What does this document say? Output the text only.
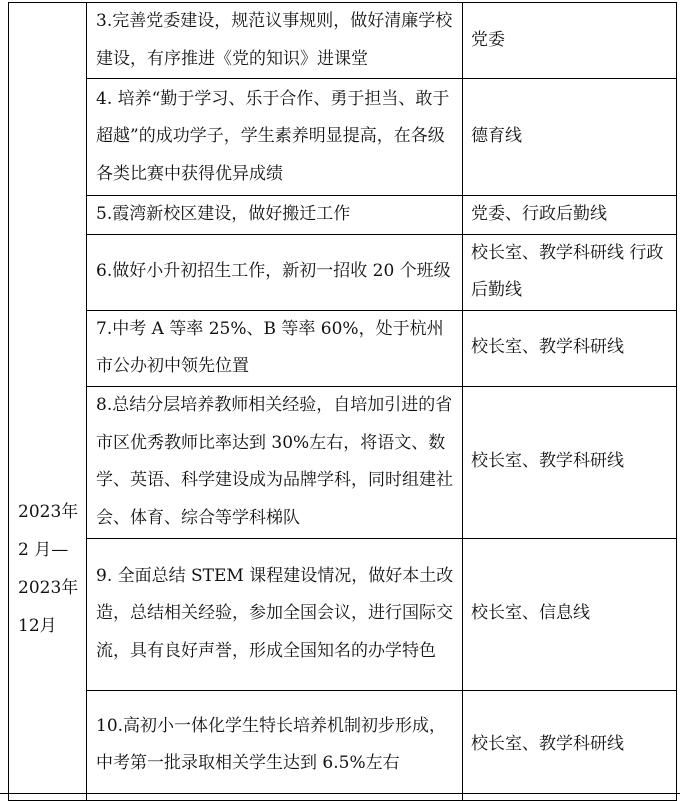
2023年
2 月—
2023年
12月	3.完善党委建设，规范议事规则，做好清廉学校建设，有序推进《党的知识》进课堂	党委

	4. 培养“勤于学习、乐于合作、勇于担当、敢于超越”的成功学子，学生素养明显提高，在各级各类比赛中获得优异成绩	德育线

	5.霞湾新校区建设，做好搬迁工作	党委、行政后勤线

	6.做好小升初招生工作，新初一招收 20 个班级	校长室、教学科研线 行政后勤线

	7.中考 A 等率 25%、B 等率 60%，处于杭州市公办初中领先位置	校长室、教学科研线

	8.总结分层培养教师相关经验，自培加引进的省市区优秀教师比率达到 30%左右，将语文、数学、英语、科学建设成为品牌学科，同时组建社会、体育、综合等学科梯队	校长室、教学科研线

	9. 全面总结 STEM 课程建设情况，做好本土改造，总结相关经验，参加全国会议，进行国际交流，具有良好声誉，形成全国知名的办学特色	校长室、信息线

	10.高初小一体化学生特长培养机制初步形成，中考第一批录取相关学生达到 6.5%左右	校长室、教学科研线
